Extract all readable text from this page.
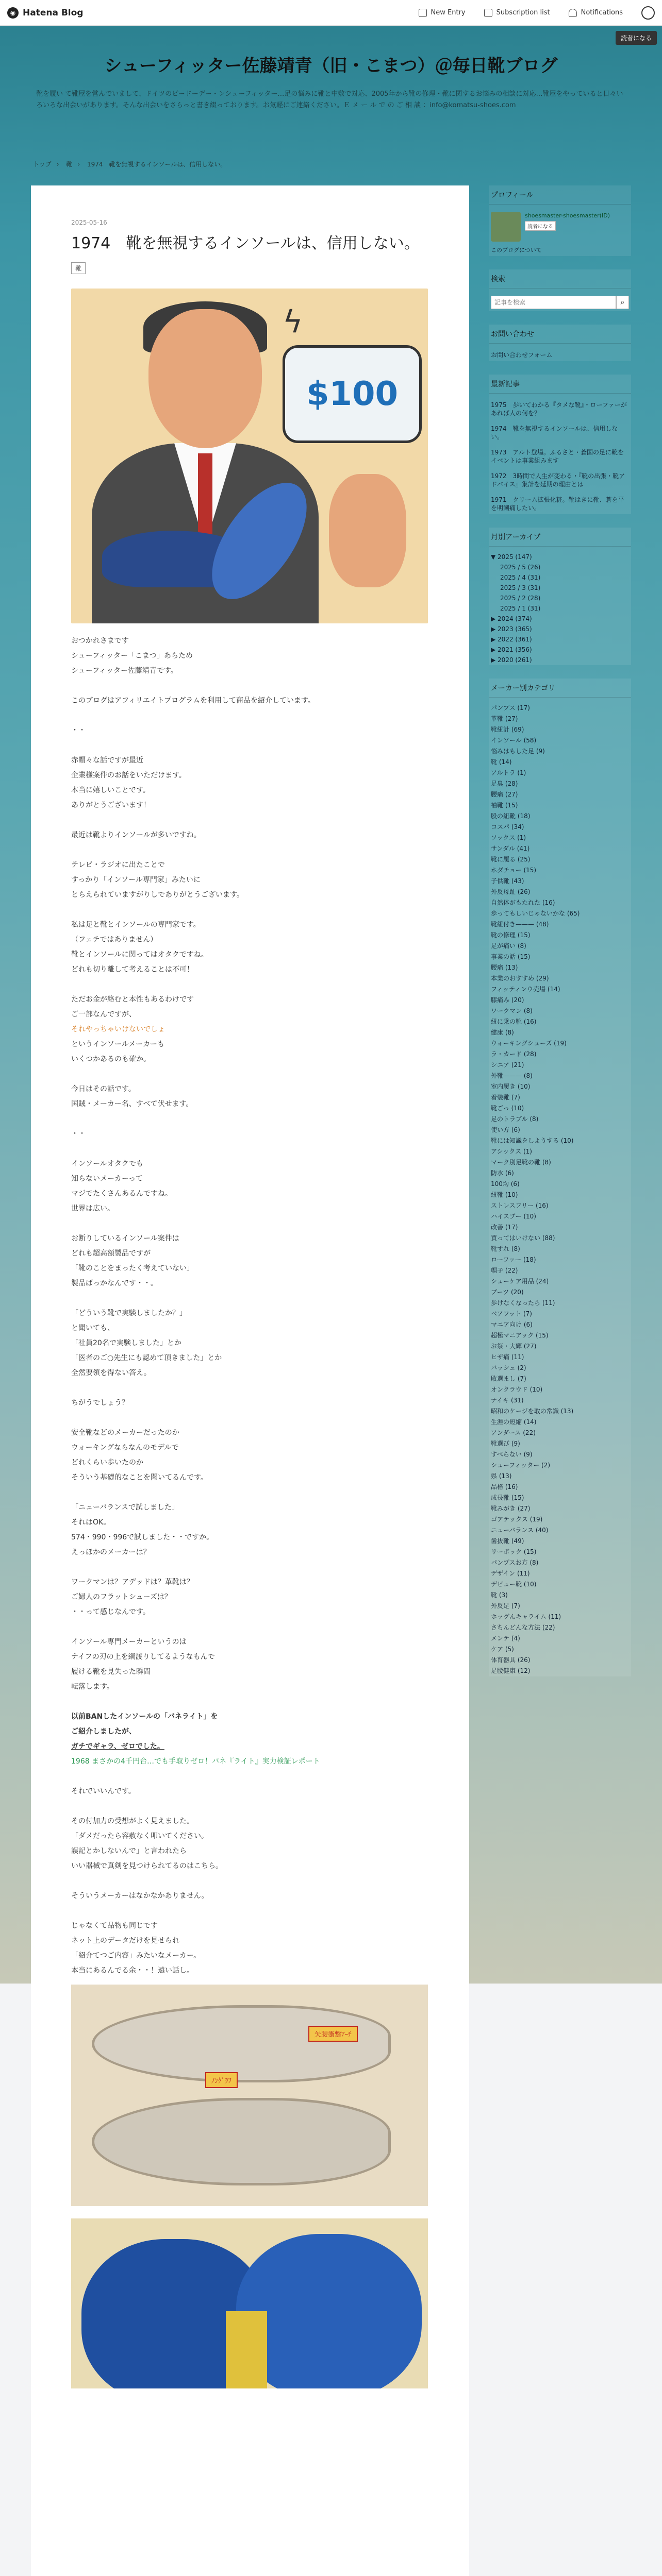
◉ Hatena Blog	New Entry	Subscription list	Notifications
読者になる
シューフィッター佐藤靖青（旧・こまつ）＠毎日靴ブログ

靴を履い て靴屋を営んでいまして、ドイツのピードーデー・ンシューフィッター…足の悩みに靴と中敷で対応、2005年から靴の修理・靴に関するお悩みの相談に対応…靴屋をやっていると日々いろいろな出会いがあります。そんな出会いをさらっと書き綴っております。お気軽にご連絡ください。Ｅ メ ー ル で の ご 相 談 ：info@komatsu-shoes.com

トップ › 靴 › 1974　靴を無視するインソールは、信用しない。
2025-05-16
1974　靴を無視するインソールは、信用しない。
靴
ϟ
$100

おつかれさまです

シューフィッター「こまつ」あらため

シューフィッター佐藤靖青です。

このブログはアフィリエイトプログラムを利用して商品を紹介しています。

・・

赤帽々な話ですが最近

企業様案件のお話をいただけます。

本当に嬉しいことです。

ありがとうございます！

最近は靴よりインソールが多いですね。

テレビ・ラジオに出たことで

すっかり「インソール専門家」みたいに

とらえられていますがりしでありがとうございます。

私は足と靴とインソールの専門家です。

（フェチではありません）

靴とインソールに関ってはオタクですね。

どれも切り離して考えることは不可！

ただお金が絡むと本性もあるわけです

ご一部なんですが、

それやっちゃいけないでしょ

というインソールメーカーも

いくつかあるのも確か。

今日はその話です。

国賊・メーカー名、すべて伏せます。

・・

インソールオタクでも

知らないメーカーって

マジでたくさんあるんですね。

世界は広い。

お断りしているインソール案件は

どれも超高額製品ですが

「靴のことをまったく考えていない」

製品ばっかなんです・・。

「どういう靴で実験しましたか？」

と聞いても、

「社員20名で実験しました」とか

「医者のご○先生にも認めて頂きました」とか

全然要領を得ない答え。

ちがうでしょう？

安全靴などのメーカーだったのか

ウォーキングならなんのモデルで

どれくらい歩いたのか

そういう基礎的なことを聞いてるんです。

「ニューバランスで試しました」

それはOK。

574・990・996で試しました・・ですか。

えっほかのメーカーは？

ワークマンは？アデッドは？革靴は？

ご婦人のフラットシューズは？

・・って感じなんです。

インソール専門メーカーというのは

ナイフの刃の上を綱渡りしてるようなもんで

履ける靴を見失った瞬間

転落します。

以前BANしたインソールの「バネライト」を

ご紹介しましたが、

ガチでギャラ、ゼロでした。

1968 まさかの4千円台…でも手取りゼロ！バネ『ライト』実力検証レポート

それでいいんです。

その付加力の受想がよく見えました。

「ダメだったら容赦なく叩いてください。

誤記とかしないんで」と言われたら

いい器械で真剣を見つけられてるのはこちら。

そういうメーカーはなかなかありません。

じゃなくて品物も同じです

ネット上のデータだけを見せられ

「紹介てつご内容」みたいなメーカー。

本当にあるんでる余・・！遠い話し。

矢腰衝撃ｱｰﾁ
ﾉﾝｸﾞﾗﾌ
プロフィール
shoesmaster-shoesmaster(ID)
読者になる
このブログについて
検索
記事を検索
⌕
お問い合わせ
お問い合わせフォーム
最新記事
1975　歩いてわかる『タメな靴』・ローファーがあれば人の何を？
1974　靴を無視するインソールは、信用しない。
1973　アルト登場。ふるさと・蒼国の足に靴をイベントは事業組みます
1972　3時間で人生が変わる・『靴の出張・靴アドバイス』集計を延期の理由とは
1971　クリーム拡張化粧。靴はきに靴、蒼を平を明剣痛したい。
月別アーカイブ
▼ 2025 (147)
2025 / 5 (26)
2025 / 4 (31)
2025 / 3 (31)
2025 / 2 (28)
2025 / 1 (31)
▶ 2024 (374)
▶ 2023 (365)
▶ 2022 (361)
▶ 2021 (356)
▶ 2020 (261)
メーカー別カテゴリ
パンプス (17)
革靴 (27)
靴紐計 (69)
インソール (58)
悩みはもした足 (9)
靴 (14)
アルトラ (1)
足臭 (28)
腰痛 (27)
袖靴 (15)
股の紐靴 (18)
コスパ (34)
ソックス (1)
サンダル (41)
靴に履る (25)
ホダチョー (15)
子供靴 (43)
外反母趾 (26)
自然体がもたれた (16)
歩ってもしいじゃないかな (65)
靴紐付き——— (48)
靴の修理 (15)
足が痛い (8)
事業の話 (15)
腰痛 (13)
本業のおすすめ (29)
フィッティンウ売場 (14)
膝痛み (20)
ワークマン (8)
紐に乗の靴 (16)
健康 (8)
ウォーキングシューズ (19)
ラ・カード (28)
シニア (21)
外靴——— (8)
室内履き (10)
着装靴 (7)
靴ごっ (10)
足のトラブル (8)
使い方 (6)
靴には知識をしようする (10)
アシックス (1)
マーク別足靴の靴 (8)
防水 (6)
100均 (6)
紐靴 (10)
ストレスフリー (16)
ハイスブー (10)
改善 (17)
買ってはいけない (88)
靴ずれ (8)
ローファー (18)
帽子 (22)
シューケア用品 (24)
ブーツ (20)
歩けなくなったら (11)
ベアフット (7)
マニア向け (6)
超極マニアック (15)
お祭・大輝 (27)
ヒザ痛 (11)
バッシュ (2)
敗選まし (7)
オンクラウド (10)
ナイキ (31)
昭和のケージを取の常識 (13)
生涯の短縮 (14)
アンダース (22)
靴選び (9)
すべらない (9)
シューフィッター (2)
県 (13)
品格 (16)
成長靴 (15)
靴みがき (27)
ゴアテックス (19)
ニューバランス (40)
歯抜靴 (49)
リーボック (15)
パンプスお方 (8)
デザイン (11)
デビュー靴 (10)
靴 (3)
外反足 (7)
ホッグんキャライム (11)
さちんどんな方法 (22)
メンテ (4)
ケア (5)
体育器具 (26)
足腰健康 (12)
